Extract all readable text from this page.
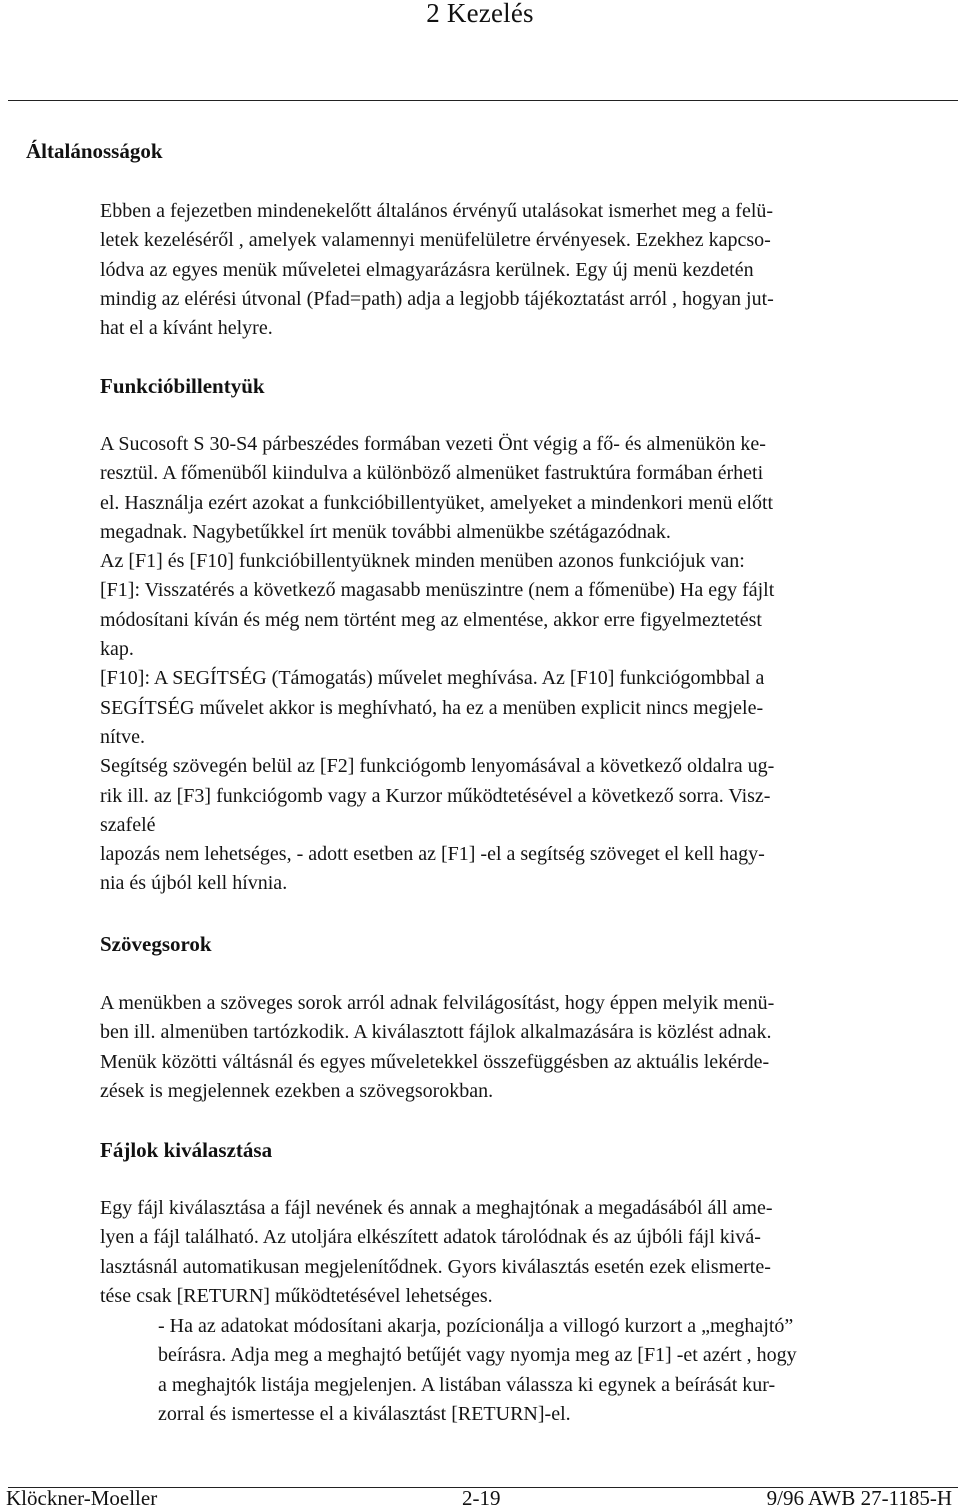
2 Kezelés
Általánosságok
Ebben a fejezetben mindenekelőtt általános érvényű utalásokat ismerhet meg a felü-
letek kezeléséről , amelyek valamennyi menüfelületre érvényesek. Ezekhez kapcso-
lódva az egyes menük műveletei elmagyarázásra kerülnek. Egy új menü kezdetén
mindig az elérési útvonal (Pfad=path) adja a legjobb tájékoztatást arról , hogyan jut-
hat el a kívánt helyre.
Funkcióbillentyük
A Sucosoft S 30-S4 párbeszédes formában vezeti Önt végig a fő- és almenükön ke-
resztül. A főmenüből kiindulva a különböző almenüket fastruktúra formában érheti
el. Használja ezért azokat a funkcióbillentyüket, amelyeket a mindenkori menü előtt
megadnak. Nagybetűkkel írt menük további almenükbe szétágazódnak.
Az [F1] és [F10] funkcióbillentyüknek minden menüben azonos funkciójuk van:
[F1]: Visszatérés a következő magasabb menüszintre (nem a főmenübe) Ha egy fájlt
módosítani kíván és még nem történt meg az elmentése, akkor erre figyelmeztetést
kap.
[F10]: A SEGÍTSÉG (Támogatás) művelet meghívása. Az [F10] funkciógombbal a
SEGÍTSÉG művelet akkor is meghívható, ha ez a menüben explicit nincs megjele-
nítve.
Segítség szövegén belül az [F2] funkciógomb lenyomásával a következő oldalra ug-
rik ill. az [F3] funkciógomb vagy a Kurzor működtetésével a következő sorra. Visz-
szafelé
lapozás nem lehetséges, - adott esetben az [F1] -el a segítség szöveget el kell hagy-
nia és újból kell hívnia.
Szövegsorok
A menükben a szöveges sorok arról adnak felvilágosítást, hogy éppen melyik menü-
ben ill. almenüben tartózkodik. A kiválasztott fájlok alkalmazására is közlést adnak.
Menük közötti váltásnál és egyes műveletekkel összefüggésben az aktuális lekérde-
zések is megjelennek ezekben a szövegsorokban.
Fájlok kiválasztása
Egy fájl kiválasztása a fájl nevének és annak a meghajtónak a megadásából áll ame-
lyen a fájl található. Az utoljára elkészített adatok tárolódnak és az újbóli fájl kivá-
lasztásnál automatikusan megjelenítődnek. Gyors kiválasztás esetén ezek elismerte-
tése csak [RETURN] működtetésével lehetséges.
- Ha az adatokat módosítani akarja, pozícionálja a villogó kurzort a „meghajtó”
beírásra. Adja meg a meghajtó betűjét vagy nyomja meg az [F1] -et azért , hogy
a meghajtók listája megjelenjen. A listában válassza ki egynek a beírását kur-
zorral és ismertesse el a kiválasztást [RETURN]-el.
Klöckner-Moeller	2-19	9/96 AWB 27-1185-H
